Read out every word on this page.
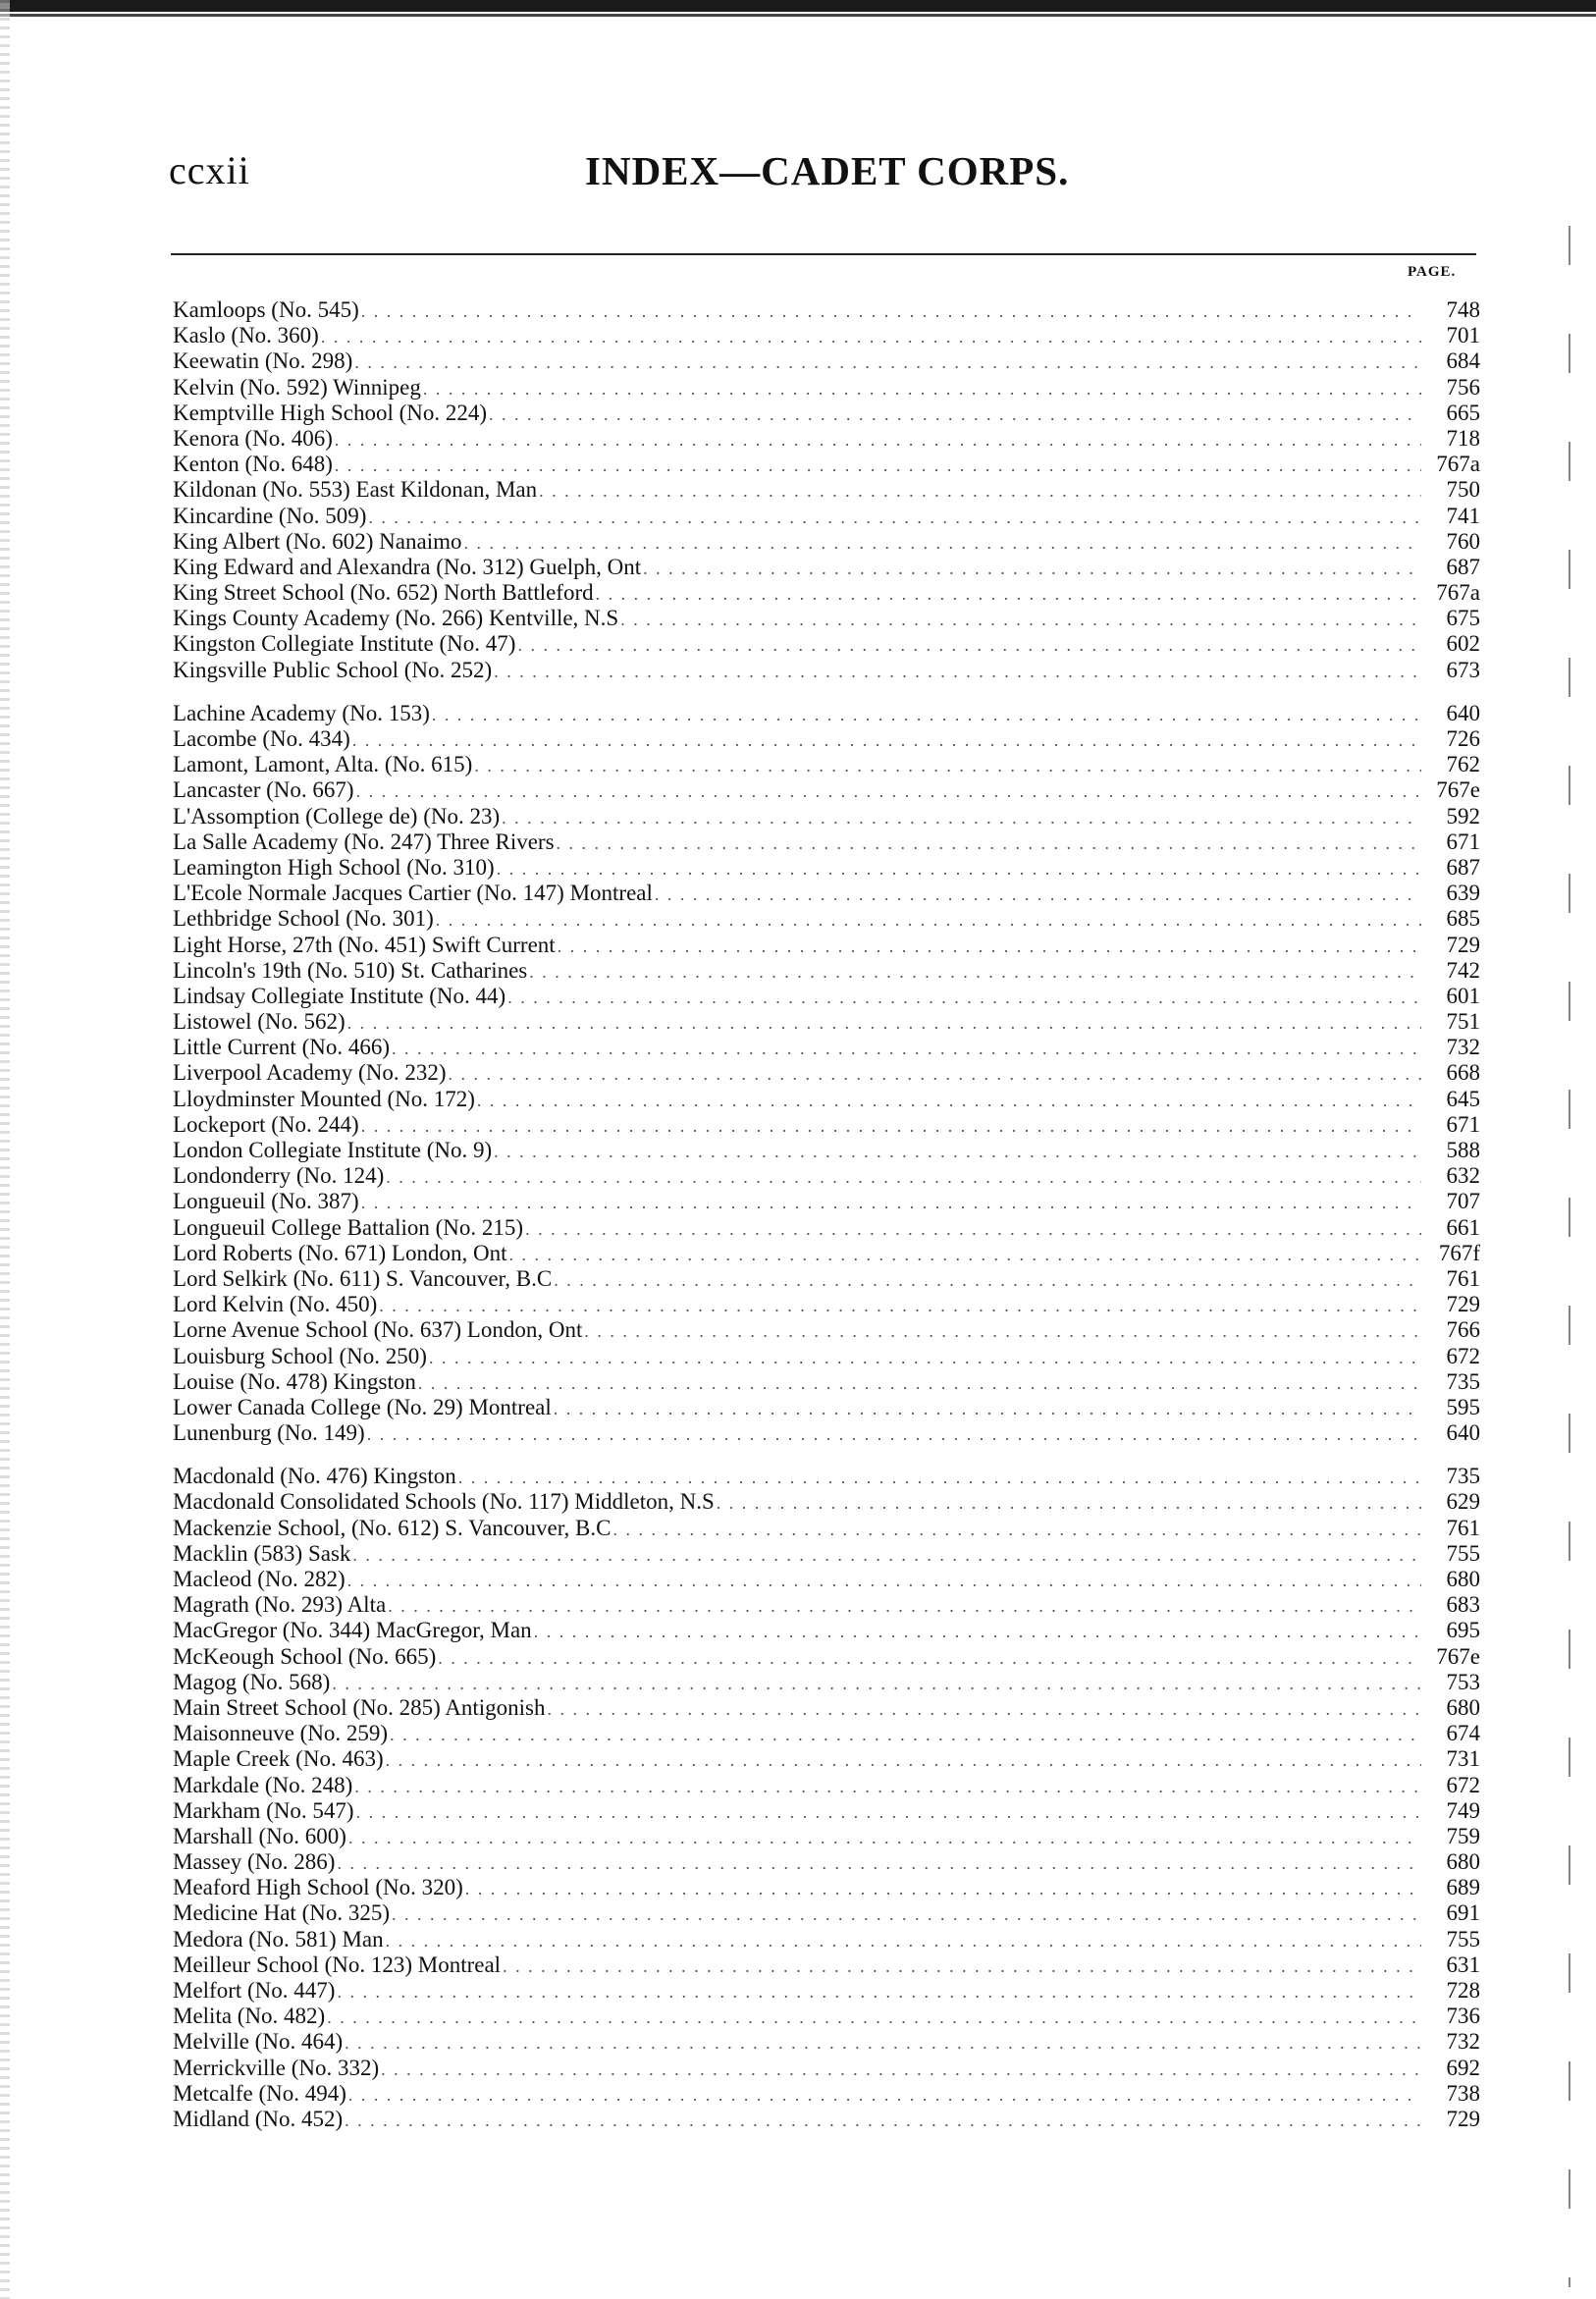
ccxii	INDEX—CADET CORPS.
PAGE.
Kamloops (No. 545) . . .	748
Kaslo (No. 360) . . .	701
Keewatin (No. 298) . . .	684
Kelvin (No. 592) Winnipeg . . .	756
Kemptville High School (No. 224) . . .	665
Kenora (No. 406) . . .	718
Kenton (No. 648) . . .	767a
Kildonan (No. 553) East Kildonan, Man . . .	750
Kincardine (No. 509) . . .	741
King Albert (No. 602) Nanaimo . . .	760
King Edward and Alexandra (No. 312) Guelph, Ont . . .	687
King Street School (No. 652) North Battleford . . .	767a
Kings County Academy (No. 266) Kentville, N.S . . .	675
Kingston Collegiate Institute (No. 47) . . .	602
Kingsville Public School (No. 252) . . .	673
Lachine Academy (No. 153) . . .	640
Lacombe (No. 434) . . .	726
Lamont, Lamont, Alta. (No. 615) . . .	762
Lancaster (No. 667) . . .	767e
L'Assomption (College de) (No. 23) . . .	592
La Salle Academy (No. 247) Three Rivers . . .	671
Leamington High School (No. 310) . . .	687
L'Ecole Normale Jacques Cartier (No. 147) Montreal . . .	639
Lethbridge School (No. 301) . . .	685
Light Horse, 27th (No. 451) Swift Current . . .	729
Lincoln's 19th (No. 510) St. Catharines . . .	742
Lindsay Collegiate Institute (No. 44) . . .	601
Listowel (No. 562) . . .	751
Little Current (No. 466) . . .	732
Liverpool Academy (No. 232) . . .	668
Lloydminster Mounted (No. 172) . . .	645
Lockeport (No. 244) . . .	671
London Collegiate Institute (No. 9) . . .	588
Londonderry (No. 124) . . .	632
Longueuil (No. 387) . . .	707
Longueuil College Battalion (No. 215) . . .	661
Lord Roberts (No. 671) London, Ont . . .	767f
Lord Selkirk (No. 611) S. Vancouver, B.C . . .	761
Lord Kelvin (No. 450) . . .	729
Lorne Avenue School (No. 637) London, Ont . . .	766
Louisburg School (No. 250) . . .	672
Louise (No. 478) Kingston . . .	735
Lower Canada College (No. 29) Montreal . . .	595
Lunenburg (No. 149) . . .	640
Macdonald (No. 476) Kingston . . .	735
Macdonald Consolidated Schools (No. 117) Middleton, N.S . . .	629
Mackenzie School, (No. 612) S. Vancouver, B.C . . .	761
Macklin (583) Sask . . .	755
Macleod (No. 282) . . .	680
Magrath (No. 293) Alta . . .	683
MacGregor (No. 344) MacGregor, Man . . .	695
McKeough School (No. 665) . . .	767e
Magog (No. 568) . . .	753
Main Street School (No. 285) Antigonish . . .	680
Maisonneuve (No. 259) . . .	674
Maple Creek (No. 463) . . .	731
Markdale (No. 248) . . .	672
Markham (No. 547) . . .	749
Marshall (No. 600) . . .	759
Massey (No. 286) . . .	680
Meaford High School (No. 320) . . .	689
Medicine Hat (No. 325) . . .	691
Medora (No. 581) Man . . .	755
Meilleur School (No. 123) Montreal . . .	631
Melfort (No. 447) . . .	728
Melita (No. 482) . . .	736
Melville (No. 464) . . .	732
Merrickville (No. 332) . . .	692
Metcalfe (No. 494) . . .	738
Midland (No. 452) . . .	729
